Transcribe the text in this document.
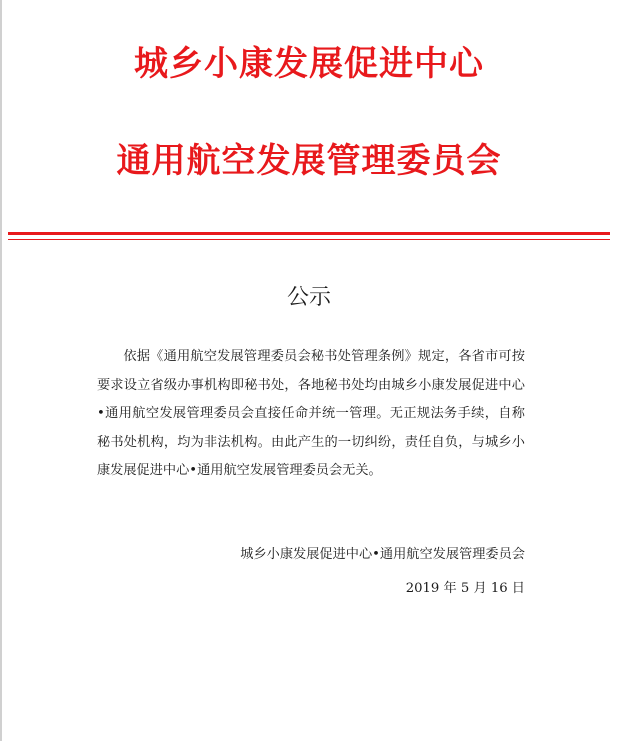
城乡小康发展促进中心
通用航空发展管理委员会
公示

依据《通用航空发展管理委员会秘书处管理条例》规定，各省市可按要求设立省级办事机构即秘书处，各地秘书处均由城乡小康发展促进中心•通用航空发展管理委员会直接任命并统一管理。无正规法务手续，自称秘书处机构，均为非法机构。由此产生的一切纠纷，责任自负，与城乡小康发展促进中心•通用航空发展管理委员会无关。

城乡小康发展促进中心•通用航空发展管理委员会
2019 年 5 月 16 日
